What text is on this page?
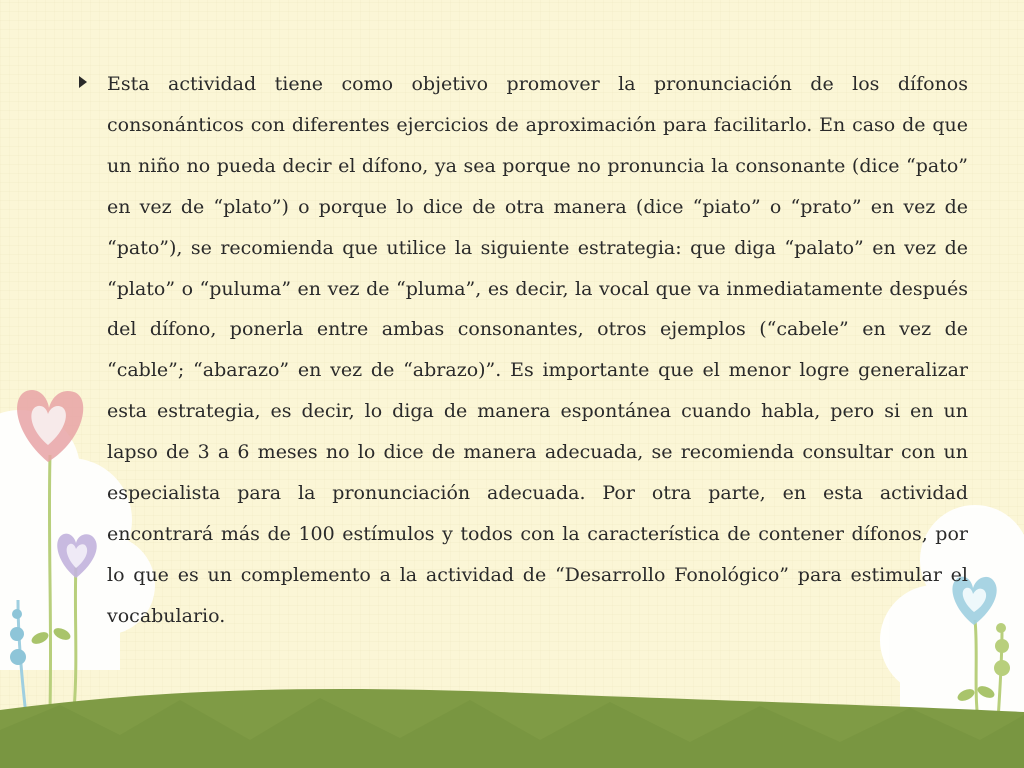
Esta actividad tiene como objetivo promover la pronunciación de los dífonos consonánticos con diferentes ejercicios de aproximación para facilitarlo. En caso de que un niño no pueda decir el dífono, ya sea porque no pronuncia la consonante (dice “pato” en vez de “plato”) o porque lo dice de otra manera (dice “piato” o “prato” en vez de “pato”), se recomienda que utilice la siguiente estrategia: que diga “palato” en vez de “plato” o “puluma” en vez de “pluma”, es decir, la vocal que va inmediatamente después del dífono, ponerla entre ambas consonantes, otros ejemplos (“cabele” en vez de “cable”; “abarazo” en vez de “abrazo)”. Es importante que el menor logre generalizar esta estrategia, es decir, lo diga de manera espontánea cuando habla, pero si en un lapso de 3 a 6 meses no lo dice de manera adecuada, se recomienda consultar con un especialista para la pronunciación adecuada. Por otra parte, en esta actividad encontrará más de 100 estímulos y todos con la característica de contener dífonos, por lo que es un complemento a la actividad de “Desarrollo Fonológico” para estimular el vocabulario.
